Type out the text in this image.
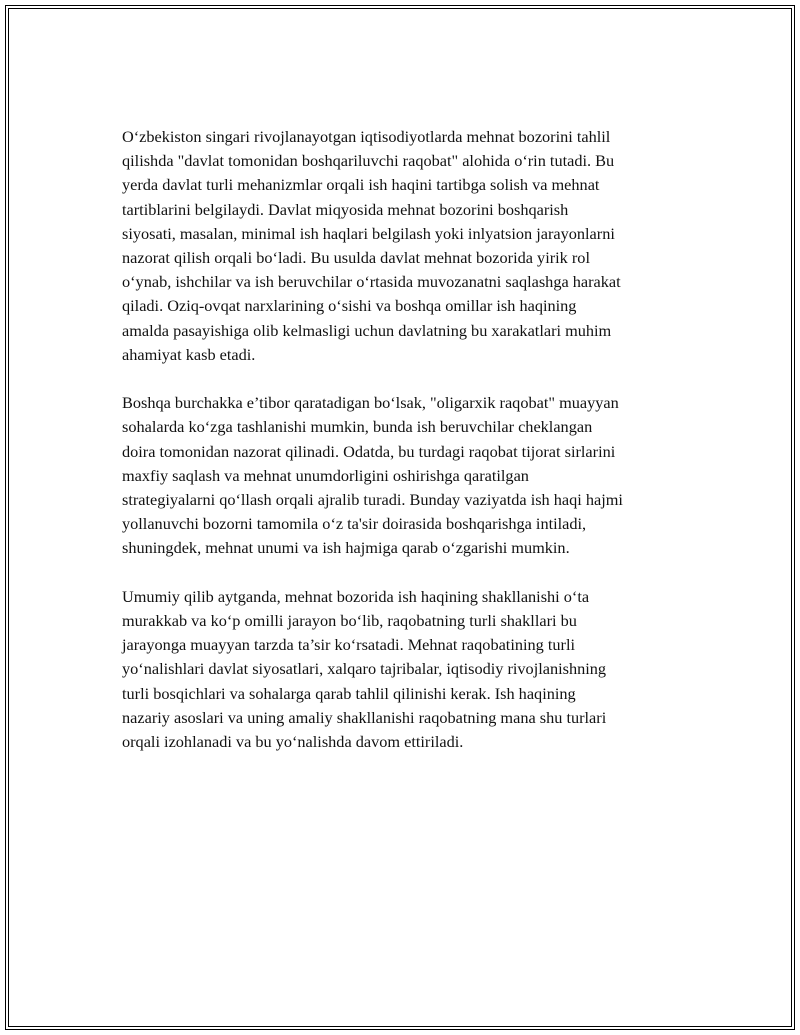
O‘zbekiston singari rivojlanayotgan iqtisodiyotlarda mehnat bozorini tahlil
qilishda "davlat tomonidan boshqariluvchi raqobat" alohida o‘rin tutadi. Bu
yerda davlat turli mehanizmlar orqali ish haqini tartibga solish va mehnat
tartiblarini belgilaydi. Davlat miqyosida mehnat bozorini boshqarish
siyosati, masalan, minimal ish haqlari belgilash yoki inlyatsion jarayonlarni
nazorat qilish orqali bo‘ladi. Bu usulda davlat mehnat bozorida yirik rol
o‘ynab, ishchilar va ish beruvchilar o‘rtasida muvozanatni saqlashga harakat
qiladi. Oziq-ovqat narxlarining o‘sishi va boshqa omillar ish haqining
amalda pasayishiga olib kelmasligi uchun davlatning bu xarakatlari muhim
ahamiyat kasb etadi.

Boshqa burchakka e’tibor qaratadigan bo‘lsak, "oligarxik raqobat" muayyan
sohalarda ko‘zga tashlanishi mumkin, bunda ish beruvchilar cheklangan
doira tomonidan nazorat qilinadi. Odatda, bu turdagi raqobat tijorat sirlarini
maxfiy saqlash va mehnat unumdorligini oshirishga qaratilgan
strategiyalarni qo‘llash orqali ajralib turadi. Bunday vaziyatda ish haqi hajmi
yollanuvchi bozorni tamomila o‘z ta'sir doirasida boshqarishga intiladi,
shuningdek, mehnat unumi va ish hajmiga qarab o‘zgarishi mumkin.

Umumiy qilib aytganda, mehnat bozorida ish haqining shakllanishi o‘ta
murakkab va ko‘p omilli jarayon bo‘lib, raqobatning turli shakllari bu
jarayonga muayyan tarzda ta’sir ko‘rsatadi. Mehnat raqobatining turli
yo‘nalishlari davlat siyosatlari, xalqaro tajribalar, iqtisodiy rivojlanishning
turli bosqichlari va sohalarga qarab tahlil qilinishi kerak. Ish haqining
nazariy asoslari va uning amaliy shakllanishi raqobatning mana shu turlari
orqali izohlanadi va bu yo‘nalishda davom ettiriladi.
